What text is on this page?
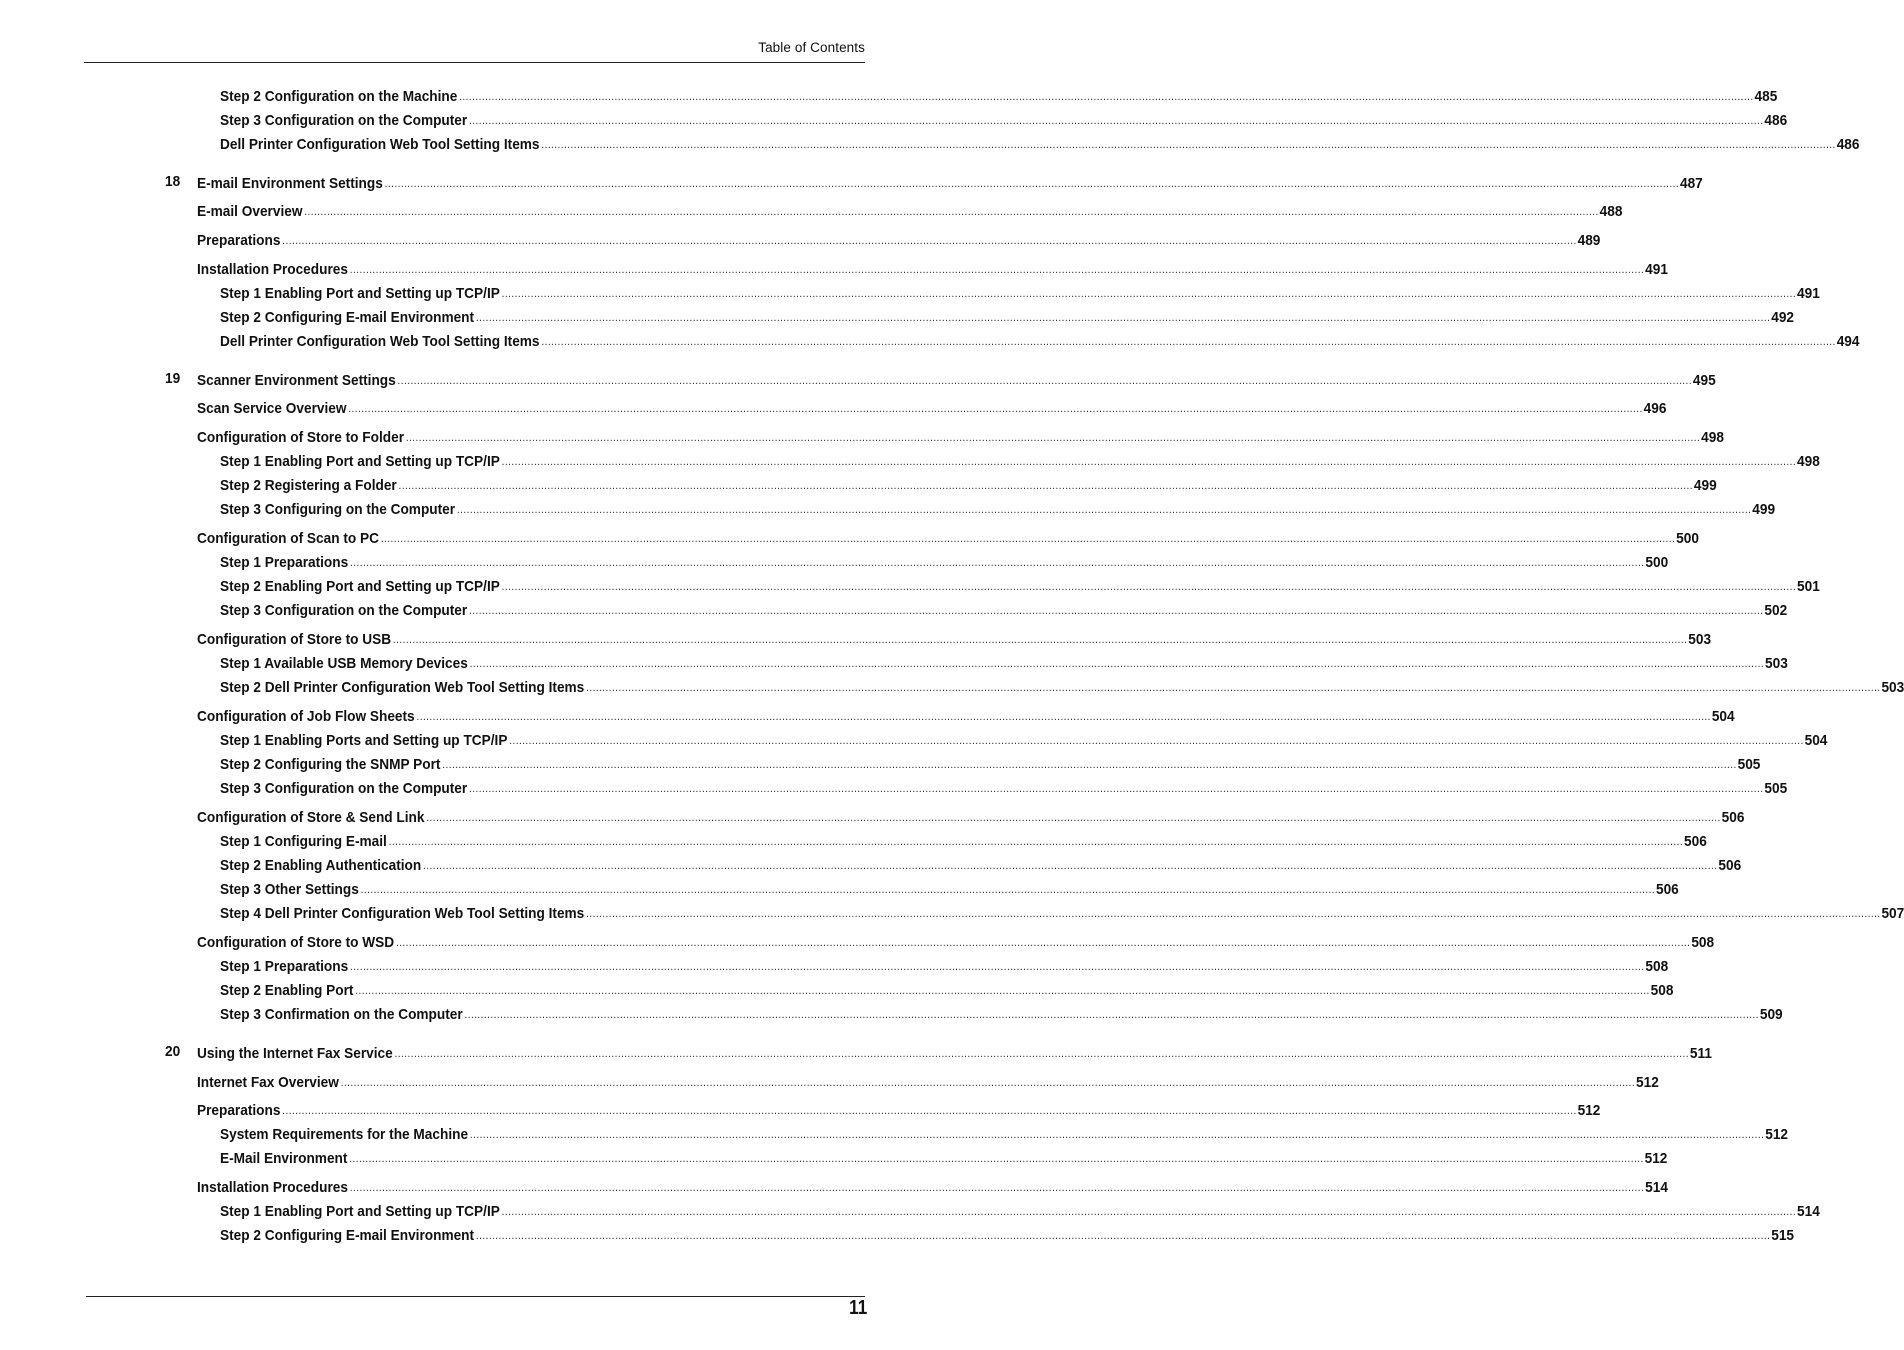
Table of Contents
Step 2 Configuration on the Machine ................................................................................................................................................................................................................................................................................................................................................................................................................ 485
Step 3 Configuration on the Computer ................................................................................................................................................................................................................................................................................................................................................................................................................ 486
Dell Printer Configuration Web Tool Setting Items ................................................................................................................................................................................................................................................................................................................................................................................................................ 486
18 E-mail Environment Settings ................................................................................................................................................................................................................................................................................................................................................................................................................ 487
E-mail Overview ................................................................................................................................................................................................................................................................................................................................................................................................................ 488
Preparations ................................................................................................................................................................................................................................................................................................................................................................................................................ 489
Installation Procedures ................................................................................................................................................................................................................................................................................................................................................................................................................ 491
Step 1 Enabling Port and Setting up TCP/IP ................................................................................................................................................................................................................................................................................................................................................................................................................ 491
Step 2 Configuring E-mail Environment ................................................................................................................................................................................................................................................................................................................................................................................................................ 492
Dell Printer Configuration Web Tool Setting Items ................................................................................................................................................................................................................................................................................................................................................................................................................ 494
19 Scanner Environment Settings ................................................................................................................................................................................................................................................................................................................................................................................................................ 495
Scan Service Overview ................................................................................................................................................................................................................................................................................................................................................................................................................ 496
Configuration of Store to Folder ................................................................................................................................................................................................................................................................................................................................................................................................................ 498
Step 1 Enabling Port and Setting up TCP/IP ................................................................................................................................................................................................................................................................................................................................................................................................................ 498
Step 2 Registering a Folder ................................................................................................................................................................................................................................................................................................................................................................................................................ 499
Step 3 Configuring on the Computer ................................................................................................................................................................................................................................................................................................................................................................................................................ 499
Configuration of Scan to PC ................................................................................................................................................................................................................................................................................................................................................................................................................ 500
Step 1 Preparations ................................................................................................................................................................................................................................................................................................................................................................................................................ 500
Step 2 Enabling Port and Setting up TCP/IP ................................................................................................................................................................................................................................................................................................................................................................................................................ 501
Step 3 Configuration on the Computer ................................................................................................................................................................................................................................................................................................................................................................................................................ 502
Configuration of Store to USB ................................................................................................................................................................................................................................................................................................................................................................................................................ 503
Step 1 Available USB Memory Devices ................................................................................................................................................................................................................................................................................................................................................................................................................ 503
Step 2 Dell Printer Configuration Web Tool Setting Items ................................................................................................................................................................................................................................................................................................................................................................................................................ 503
Configuration of Job Flow Sheets ................................................................................................................................................................................................................................................................................................................................................................................................................ 504
Step 1 Enabling Ports and Setting up TCP/IP ................................................................................................................................................................................................................................................................................................................................................................................................................ 504
Step 2 Configuring the SNMP Port ................................................................................................................................................................................................................................................................................................................................................................................................................ 505
Step 3 Configuration on the Computer ................................................................................................................................................................................................................................................................................................................................................................................................................ 505
Configuration of Store & Send Link ................................................................................................................................................................................................................................................................................................................................................................................................................ 506
Step 1 Configuring E-mail ................................................................................................................................................................................................................................................................................................................................................................................................................ 506
Step 2 Enabling Authentication ................................................................................................................................................................................................................................................................................................................................................................................................................ 506
Step 3 Other Settings ................................................................................................................................................................................................................................................................................................................................................................................................................ 506
Step 4 Dell Printer Configuration Web Tool Setting Items ................................................................................................................................................................................................................................................................................................................................................................................................................ 507
Configuration of Store to WSD ................................................................................................................................................................................................................................................................................................................................................................................................................ 508
Step 1 Preparations ................................................................................................................................................................................................................................................................................................................................................................................................................ 508
Step 2 Enabling Port ................................................................................................................................................................................................................................................................................................................................................................................................................ 508
Step 3 Confirmation on the Computer ................................................................................................................................................................................................................................................................................................................................................................................................................ 509
20 Using the Internet Fax Service ................................................................................................................................................................................................................................................................................................................................................................................................................ 511
Internet Fax Overview ................................................................................................................................................................................................................................................................................................................................................................................................................ 512
Preparations ................................................................................................................................................................................................................................................................................................................................................................................................................ 512
System Requirements for the Machine ................................................................................................................................................................................................................................................................................................................................................................................................................ 512
E-Mail Environment ................................................................................................................................................................................................................................................................................................................................................................................................................ 512
Installation Procedures ................................................................................................................................................................................................................................................................................................................................................................................................................ 514
Step 1 Enabling Port and Setting up TCP/IP ................................................................................................................................................................................................................................................................................................................................................................................................................ 514
Step 2 Configuring E-mail Environment ................................................................................................................................................................................................................................................................................................................................................................................................................ 515
11
